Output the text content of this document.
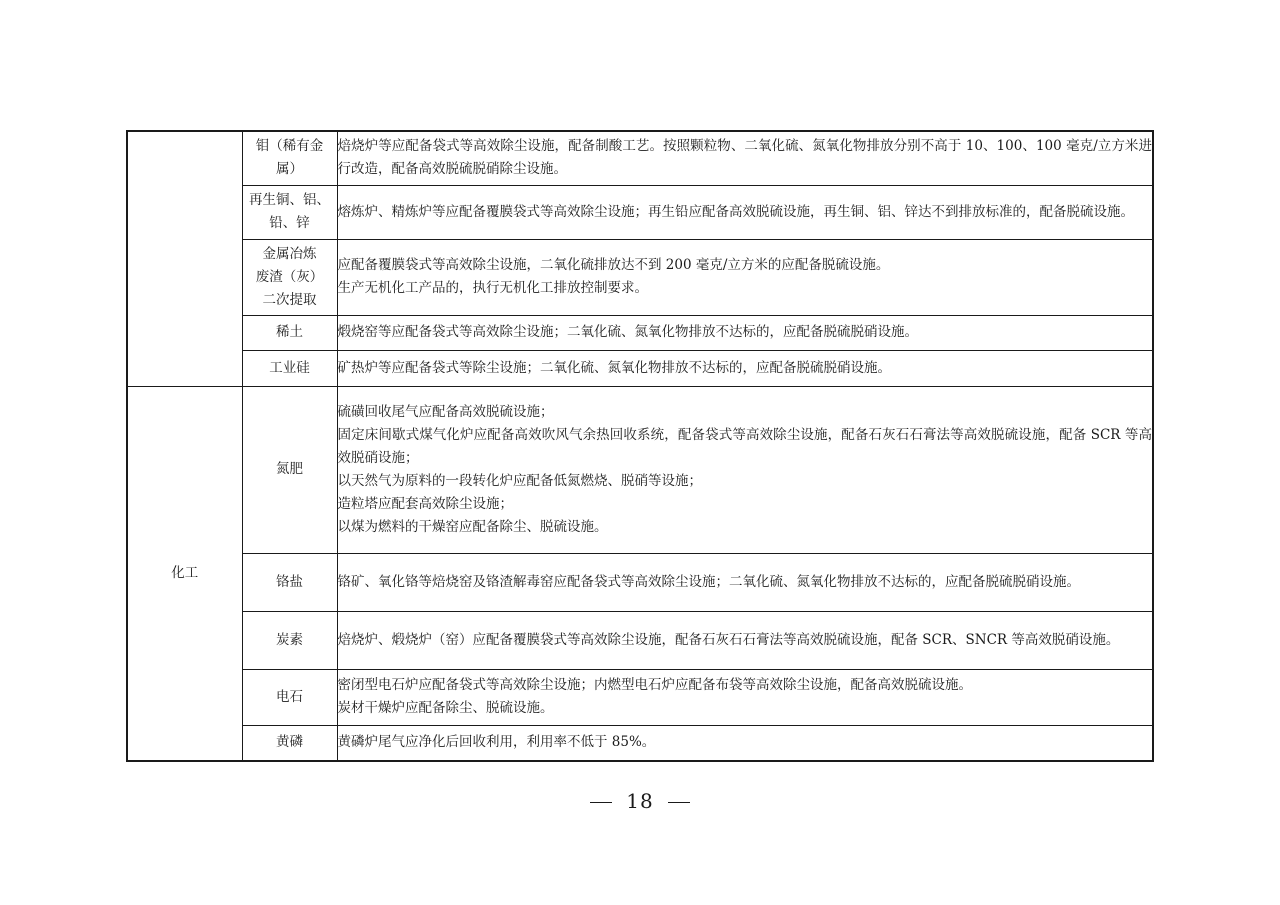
	钼（稀有金
属）	焙烧炉等应配备袋式等高效除尘设施，配备制酸工艺。按照颗粒物、二氧化硫、氮氧化物排放分别不高于 10、100、100 毫克/立方米进行改造，配备高效脱硫脱硝除尘设施。

	再生铜、铝、
铅、锌	熔炼炉、精炼炉等应配备覆膜袋式等高效除尘设施；再生铅应配备高效脱硫设施，再生铜、铝、锌达不到排放标准的，配备脱硫设施。

	金属冶炼
废渣（灰）
二次提取	应配备覆膜袋式等高效除尘设施，二氧化硫排放达不到 200 毫克/立方米的应配备脱硫设施。
生产无机化工产品的，执行无机化工排放控制要求。

	稀土	煅烧窑等应配备袋式等高效除尘设施；二氧化硫、氮氧化物排放不达标的，应配备脱硫脱硝设施。

	工业硅	矿热炉等应配备袋式等除尘设施；二氧化硫、氮氧化物排放不达标的，应配备脱硫脱硝设施。

化工	氮肥	硫磺回收尾气应配备高效脱硫设施；
固定床间歇式煤气化炉应配备高效吹风气余热回收系统，配备袋式等高效除尘设施，配备石灰石石膏法等高效脱硫设施，配备 SCR 等高效脱硝设施；
以天然气为原料的一段转化炉应配备低氮燃烧、脱硝等设施；
造粒塔应配套高效除尘设施；
以煤为燃料的干燥窑应配备除尘、脱硫设施。

	铬盐	铬矿、氧化铬等焙烧窑及铬渣解毒窑应配备袋式等高效除尘设施；二氧化硫、氮氧化物排放不达标的，应配备脱硫脱硝设施。

	炭素	焙烧炉、煅烧炉（窑）应配备覆膜袋式等高效除尘设施，配备石灰石石膏法等高效脱硫设施，配备 SCR、SNCR 等高效脱硝设施。

	电石	密闭型电石炉应配备袋式等高效除尘设施；内燃型电石炉应配备布袋等高效除尘设施，配备高效脱硫设施。
炭材干燥炉应配备除尘、脱硫设施。

	黄磷	黄磷炉尾气应净化后回收利用，利用率不低于 85%。
18
